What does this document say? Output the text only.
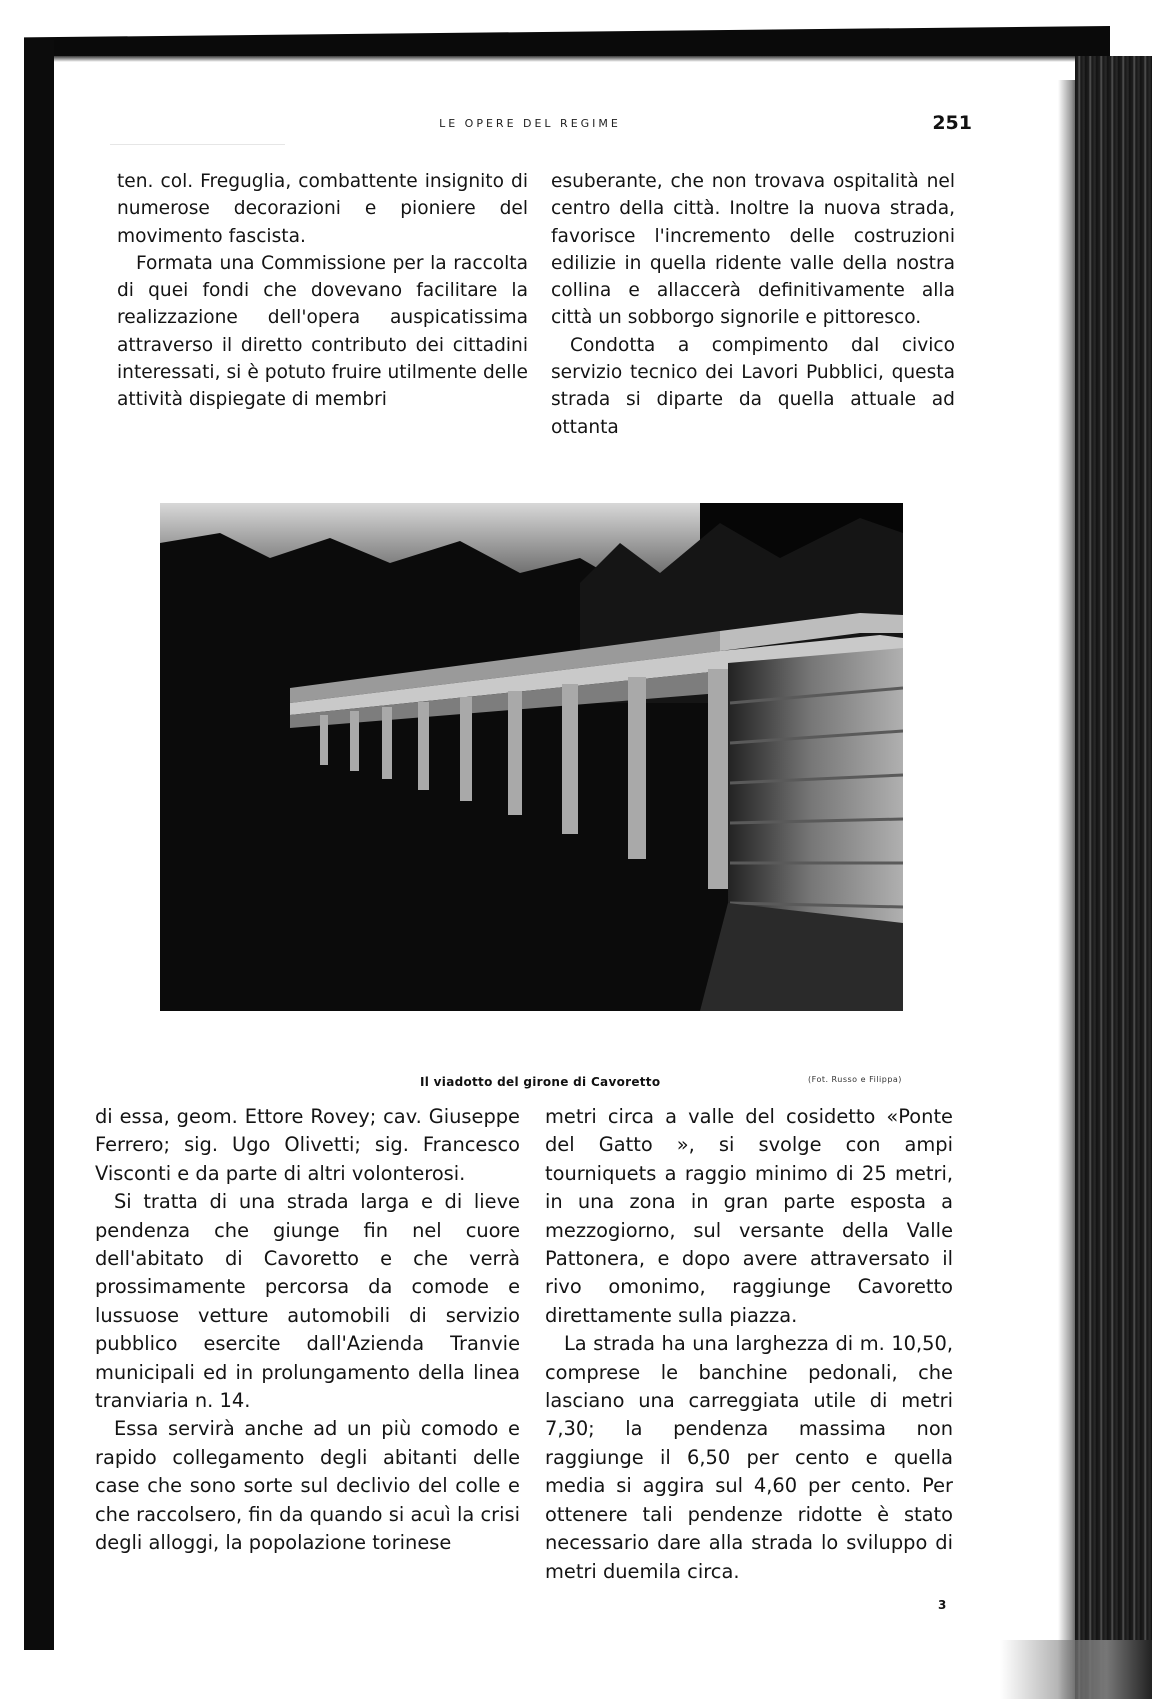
LE OPERE DEL REGIME	251

ten. col. Freguglia, combattente insignito di numerose decorazioni e pioniere del movimento fascista.

Formata una Commissione per la raccolta di quei fondi che dovevano facilitare la realizzazione dell'opera auspicatissima attraverso il diretto contributo dei cittadini interessati, si è potuto fruire utilmente delle attività dispiegate di membri

esuberante, che non trovava ospitalità nel centro della città. Inoltre la nuova strada, favorisce l'incremento delle costruzioni edilizie in quella ridente valle della nostra collina e allaccerà definitivamente alla città un sobborgo signorile e pittoresco.

Condotta a compimento dal civico servizio tecnico dei Lavori Pubblici, questa strada si diparte da quella attuale ad ottanta

Il viadotto del girone di Cavoretto	(Fot. Russo e Filippa)

di essa, geom. Ettore Rovey; cav. Giuseppe Ferrero; sig. Ugo Olivetti; sig. Francesco Visconti e da parte di altri volonterosi.

Si tratta di una strada larga e di lieve pendenza che giunge fin nel cuore dell'abitato di Cavoretto e che verrà prossimamente percorsa da comode e lussuose vetture automobili di servizio pubblico esercite dall'Azienda Tranvie municipali ed in prolungamento della linea tranviaria n. 14.

Essa servirà anche ad un più comodo e rapido collegamento degli abitanti delle case che sono sorte sul declivio del colle e che raccolsero, fin da quando si acuì la crisi degli alloggi, la popolazione torinese

metri circa a valle del cosidetto «Ponte del Gatto », si svolge con ampi tourniquets a raggio minimo di 25 metri, in una zona in gran parte esposta a mezzogiorno, sul versante della Valle Pattonera, e dopo avere attraversato il rivo omonimo, raggiunge Cavoretto direttamente sulla piazza.

La strada ha una larghezza di m. 10,50, comprese le banchine pedonali, che lasciano una carreggiata utile di metri 7,30; la pendenza massima non raggiunge il 6,50 per cento e quella media si aggira sul 4,60 per cento. Per ottenere tali pendenze ridotte è stato necessario dare alla strada lo sviluppo di metri duemila circa.

3
